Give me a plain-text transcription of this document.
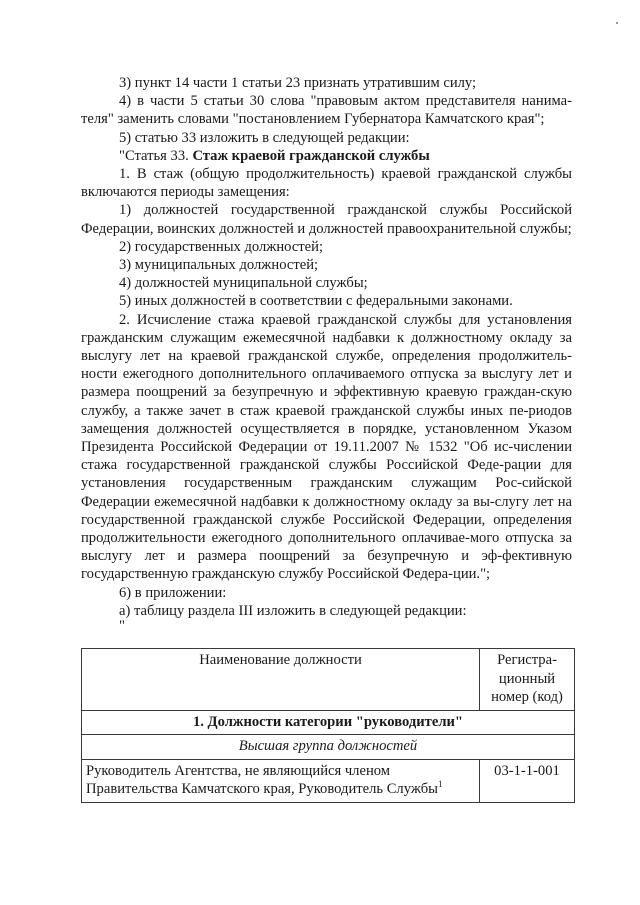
3) пункт 14 части 1 статьи 23 признать утратившим силу;

4) в части 5 статьи 30 слова "правовым актом представителя нанима-теля" заменить словами "постановлением Губернатора Камчатского края";

5) статью 33 изложить в следующей редакции:

"Статья 33. Стаж краевой гражданской службы

1. В стаж (общую продолжительность) краевой гражданской службы включаются периоды замещения:

1) должностей государственной гражданской службы Российской Федерации, воинских должностей и должностей правоохранительной службы;

2) государственных должностей;

3) муниципальных должностей;

4) должностей муниципальной службы;

5) иных должностей в соответствии с федеральными законами.

2. Исчисление стажа краевой гражданской службы для установления гражданским служащим ежемесячной надбавки к должностному окладу за выслугу лет на краевой гражданской службе, определения продолжитель-ности ежегодного дополнительного оплачиваемого отпуска за выслугу лет и размера поощрений за безупречную и эффективную краевую граждан-скую службу, а также зачет в стаж краевой гражданской службы иных пе-риодов замещения должностей осуществляется в порядке, установленном Указом Президента Российской Федерации от 19.11.2007 № 1532 "Об ис-числении стажа государственной гражданской службы Российской Феде-рации для установления государственным гражданским служащим Рос-сийской Федерации ежемесячной надбавки к должностному окладу за вы-слугу лет на государственной гражданской службе Российской Федерации, определения продолжительности ежегодного дополнительного оплачивае-мого отпуска за выслугу лет и размера поощрений за безупречную и эф-фективную государственную гражданскую службу Российской Федера-ции.";

6) в приложении:

а) таблицу раздела III изложить в следующей редакции:

"

Наименование должности	Регистра-
ционный
номер (код)

1. Должности категории "руководители"	
Высшая группа должностей	

Руководитель Агентства, не являющийся членом
Правительства Камчатского края, Руководитель Службы$^1$	03-1-1-001
